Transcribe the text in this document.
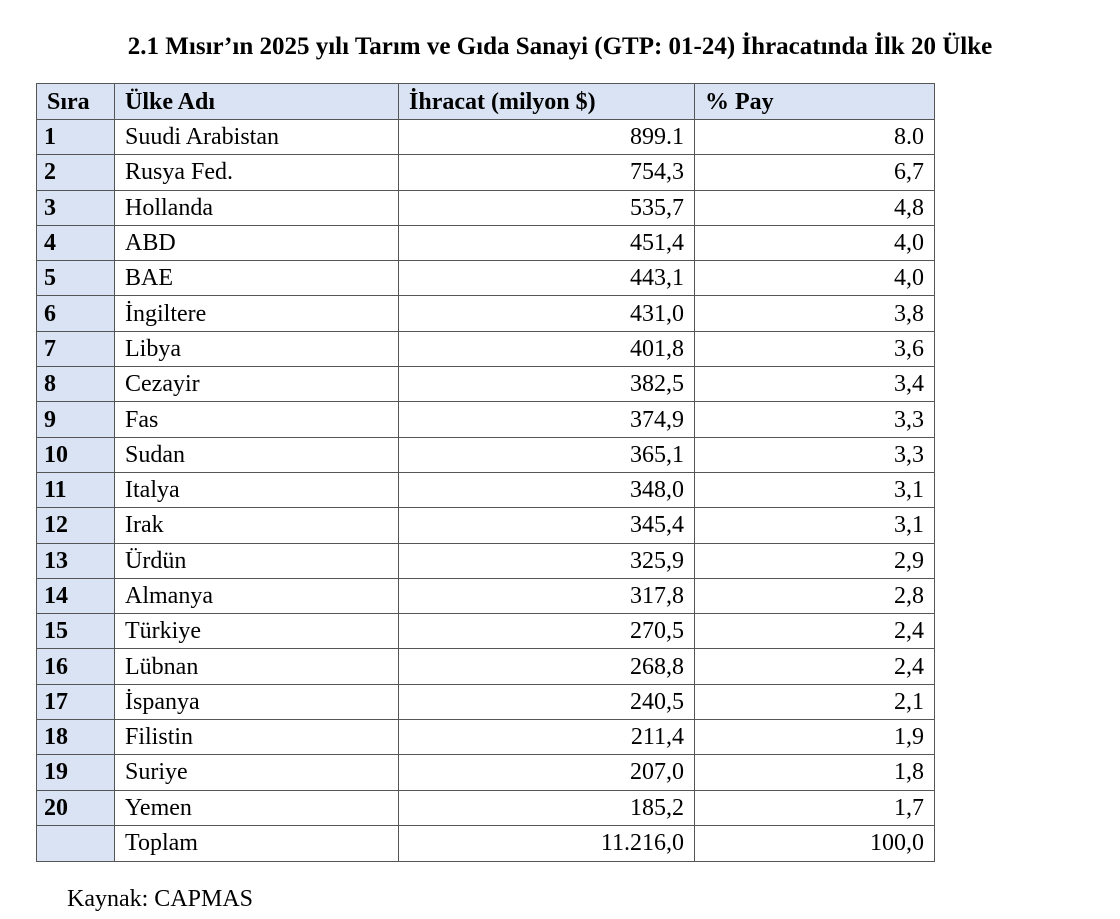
2.1 Mısır’ın 2025 yılı Tarım ve Gıda Sanayi (GTP: 01-24) İhracatında İlk 20 Ülke
Sıra	Ülke Adı	İhracat (milyon $)	% Pay
1	Suudi Arabistan	899.1	8.0
2	Rusya Fed.	754,3	6,7
3	Hollanda	535,7	4,8
4	ABD	451,4	4,0
5	BAE	443,1	4,0
6	İngiltere	431,0	3,8
7	Libya	401,8	3,6
8	Cezayir	382,5	3,4
9	Fas	374,9	3,3
10	Sudan	365,1	3,3
11	Italya	348,0	3,1
12	Irak	345,4	3,1
13	Ürdün	325,9	2,9
14	Almanya	317,8	2,8
15	Türkiye	270,5	2,4
16	Lübnan	268,8	2,4
17	İspanya	240,5	2,1
18	Filistin	211,4	1,9
19	Suriye	207,0	1,8
20	Yemen	185,2	1,7
	Toplam	11.216,0	100,0
Kaynak: CAPMAS
